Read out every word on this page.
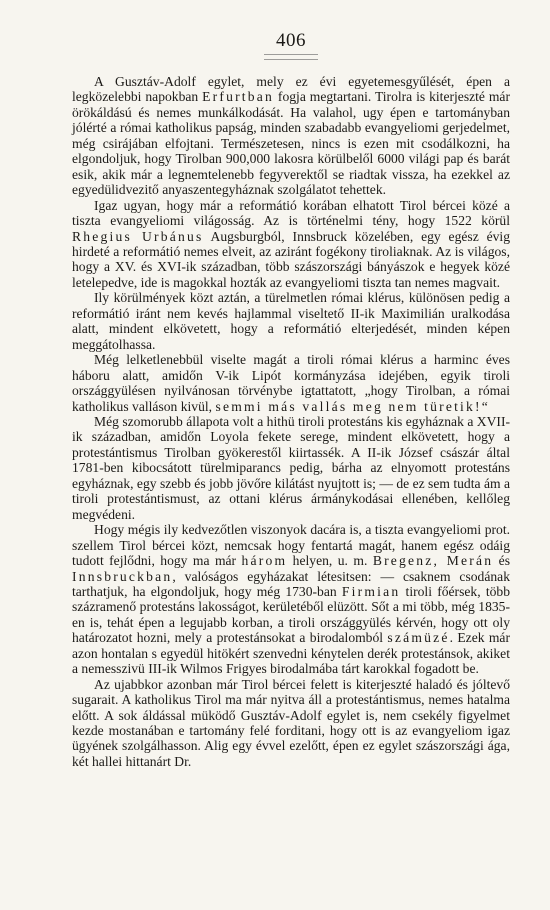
406

A Gusztáv-Adolf egylet, mely ez évi egyetemesgyűlését, épen a legközelebbi napokban Erfurtban fogja megtartani. Tirolra is kiterjeszté már örökáldású és nemes munkálkodását. Ha valahol, ugy épen e tartományban jólérté a római katholikus papság, minden szabadabb evangyeliomi gerjedelmet, még csirájában elfojtani. Természetesen, nincs is ezen mit csodálkozni, ha elgondoljuk, hogy Tirolban 900,000 lakosra körülbelől 6000 világi pap és barát esik, akik már a legnemtelenebb fegyverektől se riadtak vissza, ha ezekkel az egyedülidvezitő anyaszentegyháznak szolgálatot tehettek.

Igaz ugyan, hogy már a reformátió korában elhatott Tirol bércei közé a tiszta evangyeliomi világosság. Az is történelmi tény, hogy 1522 körül Rhegius Urbánus Augsburgból, Innsbruck közelében, egy egész évig hirdeté a reformátió nemes elveit, az aziránt fogékony tiroliaknak. Az is világos, hogy a XV. és XVI-ik században, több szászországi bányászok e hegyek közé letelepedve, ide is magokkal hozták az evangyeliomi tiszta tan nemes magvait.

Ily körülmények közt aztán, a türelmetlen római klérus, különösen pedig a reformátió iránt nem kevés hajlammal viseltető II-ik Maximilián uralkodása alatt, mindent elkövetett, hogy a reformátió elterjedését, minden képen meggátolhassa.

Még lelketlenebbül viselte magát a tiroli római klérus a harminc éves háboru alatt, amidőn V-ik Lipót kormányzása idejében, egyik tiroli országgyülésen nyilvánosan törvénybe igtattatott, „hogy Tirolban, a római katholikus valláson kivül, semmi más vallás meg nem türetik!“

Még szomorubb állapota volt a hithü tiroli protestáns kis egyháznak a XVII-ik században, amidőn Loyola fekete serege, mindent elkövetett, hogy a protestántismus Tirolban gyökerestől kiirtassék. A II-ik József császár által 1781-ben kibocsátott türelmiparancs pedig, bárha az elnyomott protestáns egyháznak, egy szebb és jobb jövőre kilátást nyujtott is; — de ez sem tudta ám a tiroli protestántismust, az ottani klérus ármánykodásai ellenében, kellőleg megvédeni.

Hogy mégis ily kedvezőtlen viszonyok dacára is, a tiszta evangyeliomi prot. szellem Tirol bércei közt, nemcsak hogy fentartá magát, hanem egész odáig tudott fejlődni, hogy ma már három helyen, u. m. Bregenz, Merán és Innsbruckban, valóságos egyházakat létesitsen: — csaknem csodának tarthatjuk, ha elgondoljuk, hogy még 1730-ban Firmian tiroli főérsek, több százramenő protestáns lakosságot, kerületéből elüzött. Sőt a mi több, még 1835-en is, tehát épen a legujabb korban, a tiroli országgyülés kérvén, hogy ott oly határozatot hozni, mely a protestánsokat a birodalomból számüzé. Ezek már azon hontalan s egyedül hitökért szenvedni kénytelen derék protestánsok, akiket a nemesszivü III-ik Wilmos Frigyes birodalmába tárt karokkal fogadott be.

Az ujabbkor azonban már Tirol bércei felett is kiterjeszté haladó és jóltevő sugarait. A katholikus Tirol ma már nyitva áll a protestántismus, nemes hatalma előtt. A sok áldással müködő Gusztáv-Adolf egylet is, nem csekély figyelmet kezde mostanában e tartomány felé forditani, hogy ott is az evangyeliom igaz ügyének szolgálhasson. Alig egy évvel ezelőtt, épen ez egylet szászországi ága, két hallei hittanárt Dr.
